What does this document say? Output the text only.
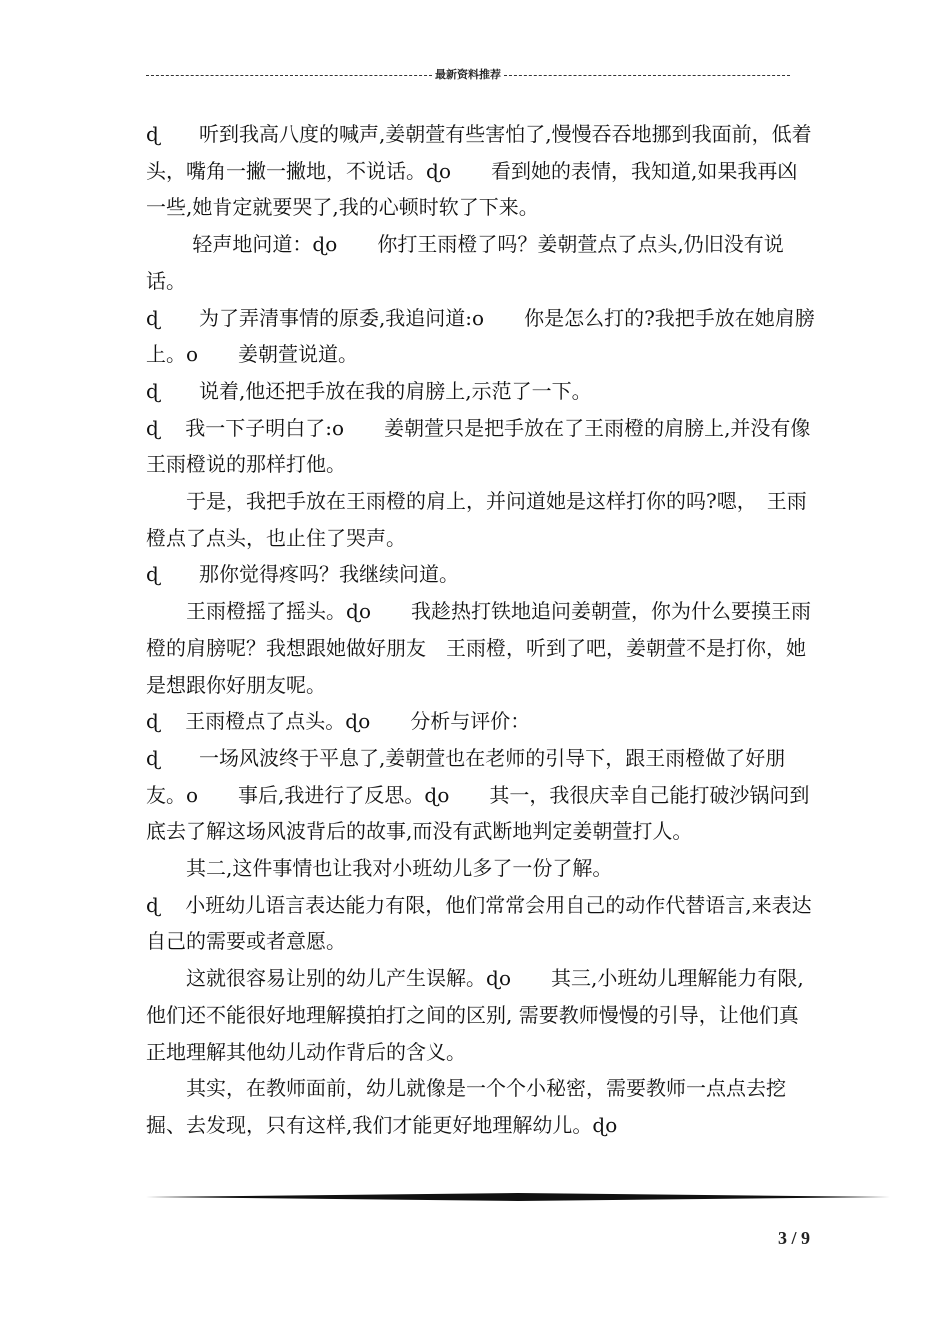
最新资料推荐

ɖ　　听到我高八度的喊声,姜朝萱有些害怕了,慢慢吞吞地挪到我面前，低着头，嘴角一撇一撇地，不说话。ɖo　　看到她的表情，我知道,如果我再凶一些,她肯定就要哭了,我的心顿时软了下来。

　　 轻声地问道：ɖo　　你打王雨橙了吗？姜朝萱点了点头,仍旧没有说话。

ɖ　　为了弄清事情的原委,我追问道:o　　你是怎么打的?我把手放在她肩膀上。o　　姜朝萱说道。

ɖ　　说着,他还把手放在我的肩膀上,示范了一下。

ɖ　 我一下子明白了:o　　姜朝萱只是把手放在了王雨橙的肩膀上,并没有像王雨橙说的那样打他。

　　于是，我把手放在王雨橙的肩上，并问道她是这样打你的吗?嗯，　王雨橙点了点头，也止住了哭声。

ɖ　　那你觉得疼吗？我继续问道。

　　王雨橙摇了摇头。ɖo　　我趁热打铁地追问姜朝萱，你为什么要摸王雨橙的肩膀呢？我想跟她做好朋友　王雨橙，听到了吧，姜朝萱不是打你，她是想跟你好朋友呢。

ɖ　 王雨橙点了点头。ɖo　　分析与评价：

ɖ　　一场风波终于平息了,姜朝萱也在老师的引导下，跟王雨橙做了好朋友。o　　事后,我进行了反思。ɖo　　其一，我很庆幸自己能打破沙锅问到底去了解这场风波背后的故事,而没有武断地判定姜朝萱打人。

　　其二,这件事情也让我对小班幼儿多了一份了解。

ɖ　 小班幼儿语言表达能力有限，他们常常会用自己的动作代替语言,来表达自己的需要或者意愿。

　　这就很容易让别的幼儿产生误解。ɖo　　其三,小班幼儿理解能力有限,他们还不能很好地理解摸拍打之间的区别, 需要教师慢慢的引导，让他们真正地理解其他幼儿动作背后的含义。

　　其实，在教师面前，幼儿就像是一个个小秘密，需要教师一点点去挖掘、去发现，只有这样,我们才能更好地理解幼儿。ɖo

3 / 9
